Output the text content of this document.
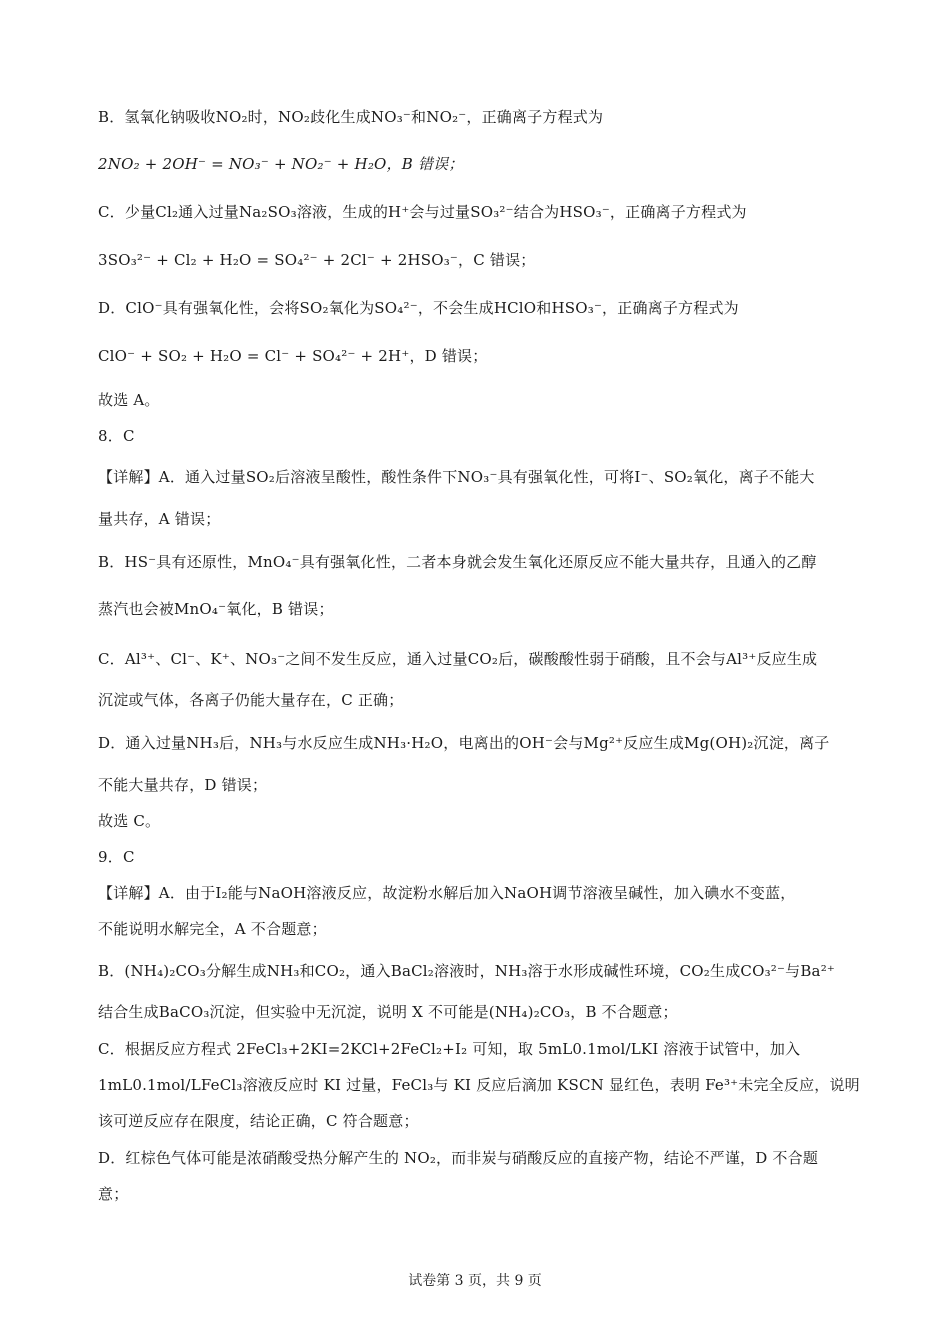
B．氢氧化钠吸收NO₂时，NO₂歧化生成NO₃⁻和NO₂⁻，正确离子方程式为
2NO₂ + 2OH⁻ = NO₃⁻ + NO₂⁻ + H₂O，B 错误；
C．少量Cl₂通入过量Na₂SO₃溶液，生成的H⁺会与过量SO₃²⁻结合为HSO₃⁻，正确离子方程式为
3SO₃²⁻ + Cl₂ + H₂O = SO₄²⁻ + 2Cl⁻ + 2HSO₃⁻，C 错误；
D．ClO⁻具有强氧化性，会将SO₂氧化为SO₄²⁻，不会生成HClO和HSO₃⁻，正确离子方程式为
ClO⁻ + SO₂ + H₂O = Cl⁻ + SO₄²⁻ + 2H⁺，D 错误；
故选 A。
8．C
【详解】A．通入过量SO₂后溶液呈酸性，酸性条件下NO₃⁻具有强氧化性，可将I⁻、SO₂氧化，离子不能大
量共存，A 错误；
B．HS⁻具有还原性，MnO₄⁻具有强氧化性，二者本身就会发生氧化还原反应不能大量共存，且通入的乙醇
蒸汽也会被MnO₄⁻氧化，B 错误；
C．Al³⁺、Cl⁻、K⁺、NO₃⁻之间不发生反应，通入过量CO₂后，碳酸酸性弱于硝酸，且不会与Al³⁺反应生成
沉淀或气体，各离子仍能大量存在，C 正确；
D．通入过量NH₃后，NH₃与水反应生成NH₃·H₂O，电离出的OH⁻会与Mg²⁺反应生成Mg(OH)₂沉淀，离子
不能大量共存，D 错误；
故选 C。
9．C
【详解】A．由于I₂能与NaOH溶液反应，故淀粉水解后加入NaOH调节溶液呈碱性，加入碘水不变蓝，
不能说明水解完全，A 不合题意；
B．(NH₄)₂CO₃分解生成NH₃和CO₂，通入BaCl₂溶液时，NH₃溶于水形成碱性环境，CO₂生成CO₃²⁻与Ba²⁺
结合生成BaCO₃沉淀，但实验中无沉淀，说明 X 不可能是(NH₄)₂CO₃，B 不合题意；
C．根据反应方程式 2FeCl₃+2KI=2KCl+2FeCl₂+I₂ 可知，取 5mL0.1mol/LKI 溶液于试管中，加入
1mL0.1mol/LFeCl₃溶液反应时 KI 过量，FeCl₃与 KI 反应后滴加 KSCN 显红色，表明 Fe³⁺未完全反应，说明
该可逆反应存在限度，结论正确，C 符合题意；
D．红棕色气体可能是浓硝酸受热分解产生的 NO₂，而非炭与硝酸反应的直接产物，结论不严谨，D 不合题
意；
试卷第 3 页，共 9 页
